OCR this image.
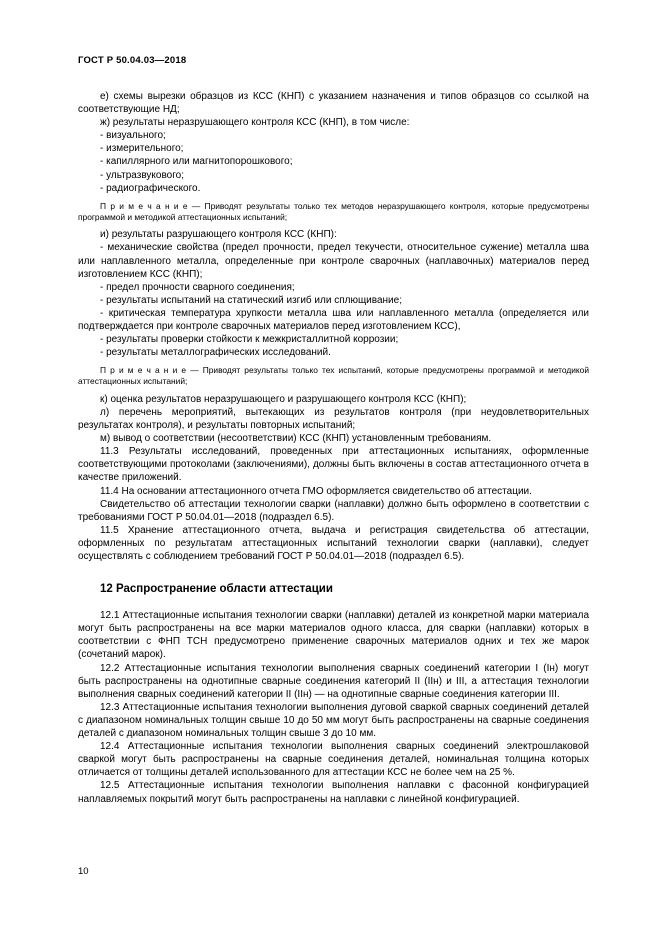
ГОСТ Р 50.04.03—2018

е) схемы вырезки образцов из КСС (КНП) с указанием назначения и типов образцов со ссылкой на соответствующие НД;

ж) результаты неразрушающего контроля КСС (КНП), в том числе:

- визуального;

- измерительного;

- капиллярного или магнитопорошкового;

- ультразвукового;

- радиографического.

П р и м е ч а н и е — Приводят результаты только тех методов неразрушающего контроля, которые предусмотрены программой и методикой аттестационных испытаний;

и) результаты разрушающего контроля КСС (КНП):

- механические свойства (предел прочности, предел текучести, относительное сужение) металла шва или наплавленного металла, определенные при контроле сварочных (наплавочных) материалов перед изготовлением КСС (КНП);

- предел прочности сварного соединения;

- результаты испытаний на статический изгиб или сплющивание;

- критическая температура хрупкости металла шва или наплавленного металла (определяется или подтверждается при контроле сварочных материалов перед изготовлением КСС),

- результаты проверки стойкости к межкристаллитной коррозии;

- результаты металлографических исследований.

П р и м е ч а н и е — Приводят результаты только тех испытаний, которые предусмотрены программой и методикой аттестационных испытаний;

к) оценка результатов неразрушающего и разрушающего контроля КСС (КНП);

л) перечень мероприятий, вытекающих из результатов контроля (при неудовлетворительных результатах контроля), и результаты повторных испытаний;

м) вывод о соответствии (несоответствии) КСС (КНП) установленным требованиям.

11.3 Результаты исследований, проведенных при аттестационных испытаниях, оформленные соответствующими протоколами (заключениями), должны быть включены в состав аттестационного отчета в качестве приложений.

11.4 На основании аттестационного отчета ГМО оформляется свидетельство об аттестации.

Свидетельство об аттестации технологии сварки (наплавки) должно быть оформлено в соответствии с требованиями ГОСТ Р 50.04.01—2018 (подраздел 6.5).

11.5 Хранение аттестационного отчета, выдача и регистрация свидетельства об аттестации, оформленных по результатам аттестационных испытаний технологии сварки (наплавки), следует осуществлять с соблюдением требований ГОСТ Р 50.04.01—2018 (подраздел 6.5).

12 Распространение области аттестации

12.1 Аттестационные испытания технологии сварки (наплавки) деталей из конкретной марки материала могут быть распространены на все марки материалов одного класса, для сварки (наплавки) которых в соответствии с ФНП ТСН предусмотрено применение сварочных материалов одних и тех же марок (сочетаний марок).

12.2 Аттестационные испытания технологии выполнения сварных соединений категории I (Iн) могут быть распространены на однотипные сварные соединения категорий II (IIн) и III, а аттестация технологии выполнения сварных соединений категории II (IIн) — на однотипные сварные соединения категории III.

12.3 Аттестационные испытания технологии выполнения дуговой сваркой сварных соединений деталей с диапазоном номинальных толщин свыше 10 до 50 мм могут быть распространены на сварные соединения деталей с диапазоном номинальных толщин свыше 3 до 10 мм.

12.4 Аттестационные испытания технологии выполнения сварных соединений электрошлаковой сваркой могут быть распространены на сварные соединения деталей, номинальная толщина которых отличается от толщины деталей использованного для аттестации КСС не более чем на 25 %.

12.5 Аттестационные испытания технологии выполнения наплавки с фасонной конфигурацией наплавляемых покрытий могут быть распространены на наплавки с линейной конфигурацией.

10
